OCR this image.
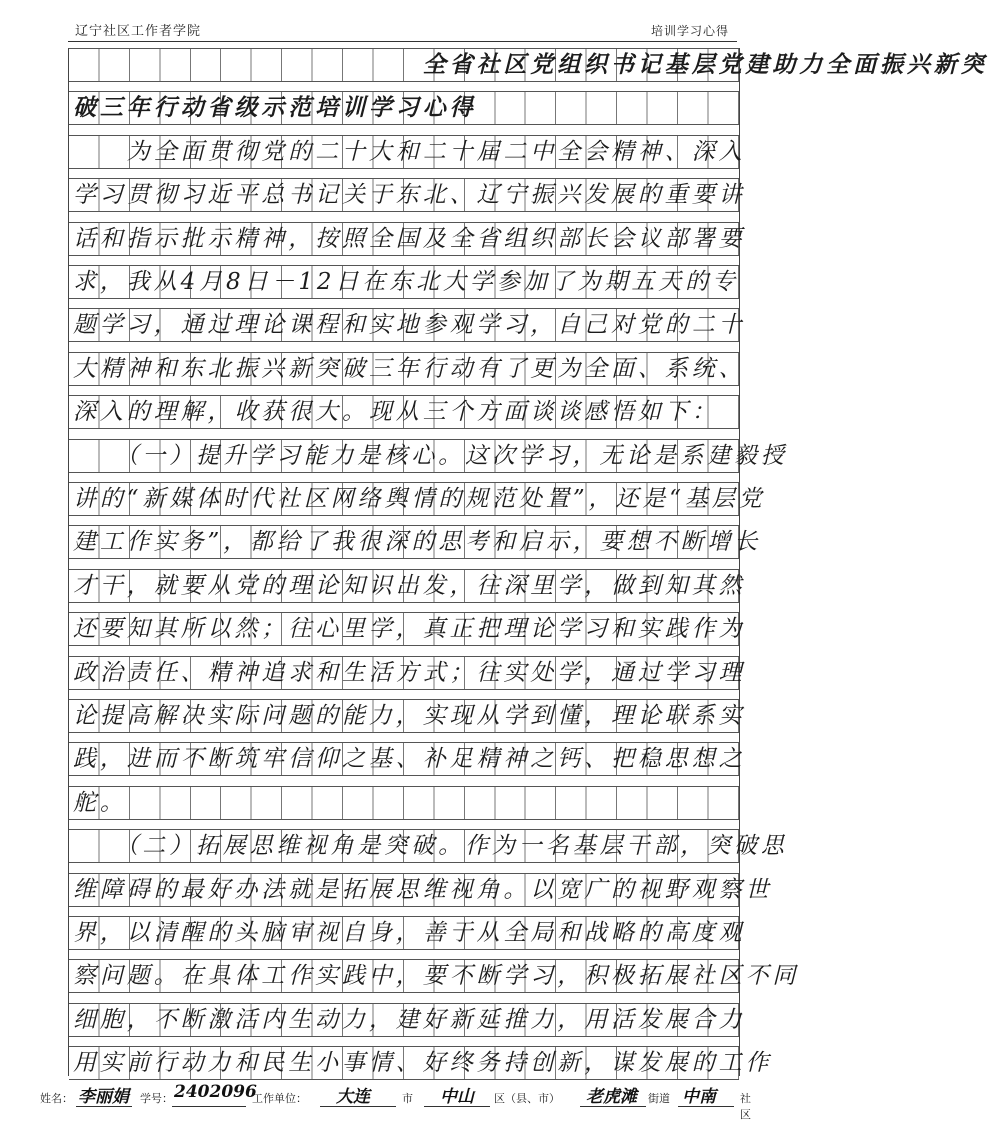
辽宁社区工作者学院	培训学习心得
　　　　　　　　　　　　　全省社区党组织书记基层党建助力全面振兴新突
破三年行动省级示范培训学习心得
　　为全面贯彻党的二十大和二十届二中全会精神、深入
学习贯彻习近平总书记关于东北、辽宁振兴发展的重要讲
话和指示批示精神，按照全国及全省组织部长会议部署要
求，我从4月8日－12日在东北大学参加了为期五天的专
题学习，通过理论课程和实地参观学习，自己对党的二十
大精神和东北振兴新突破三年行动有了更为全面、系统、
深入的理解，收获很大。现从三个方面谈谈感悟如下：
　　（一）提升学习能力是核心。这次学习，无论是系建毅授
讲的“新媒体时代社区网络舆情的规范处置”，还是“基层党
建工作实务”，都给了我很深的思考和启示，要想不断增长
才干，就要从党的理论知识出发，往深里学，做到知其然
还要知其所以然；往心里学，真正把理论学习和实践作为
政治责任、精神追求和生活方式；往实处学，通过学习理
论提高解决实际问题的能力，实现从学到懂，理论联系实
践，进而不断筑牢信仰之基、补足精神之钙、把稳思想之
舵。
　　（二）拓展思维视角是突破。作为一名基层干部，突破思
维障碍的最好办法就是拓展思维视角。以宽广的视野观察世
界，以清醒的头脑审视自身，善于从全局和战略的高度观
察问题。在具体工作实践中，要不断学习，积极拓展社区不同
细胞，不断激活内生动力，建好新延推力，用活发展合力
用实前行动力和民生小事情、好终务持创新，谋发展的工作
姓名： 李丽娟 学号： 2402096
工作单位： 大连	市 中山 区（县、市） 老虎滩 街道 中南 社区
